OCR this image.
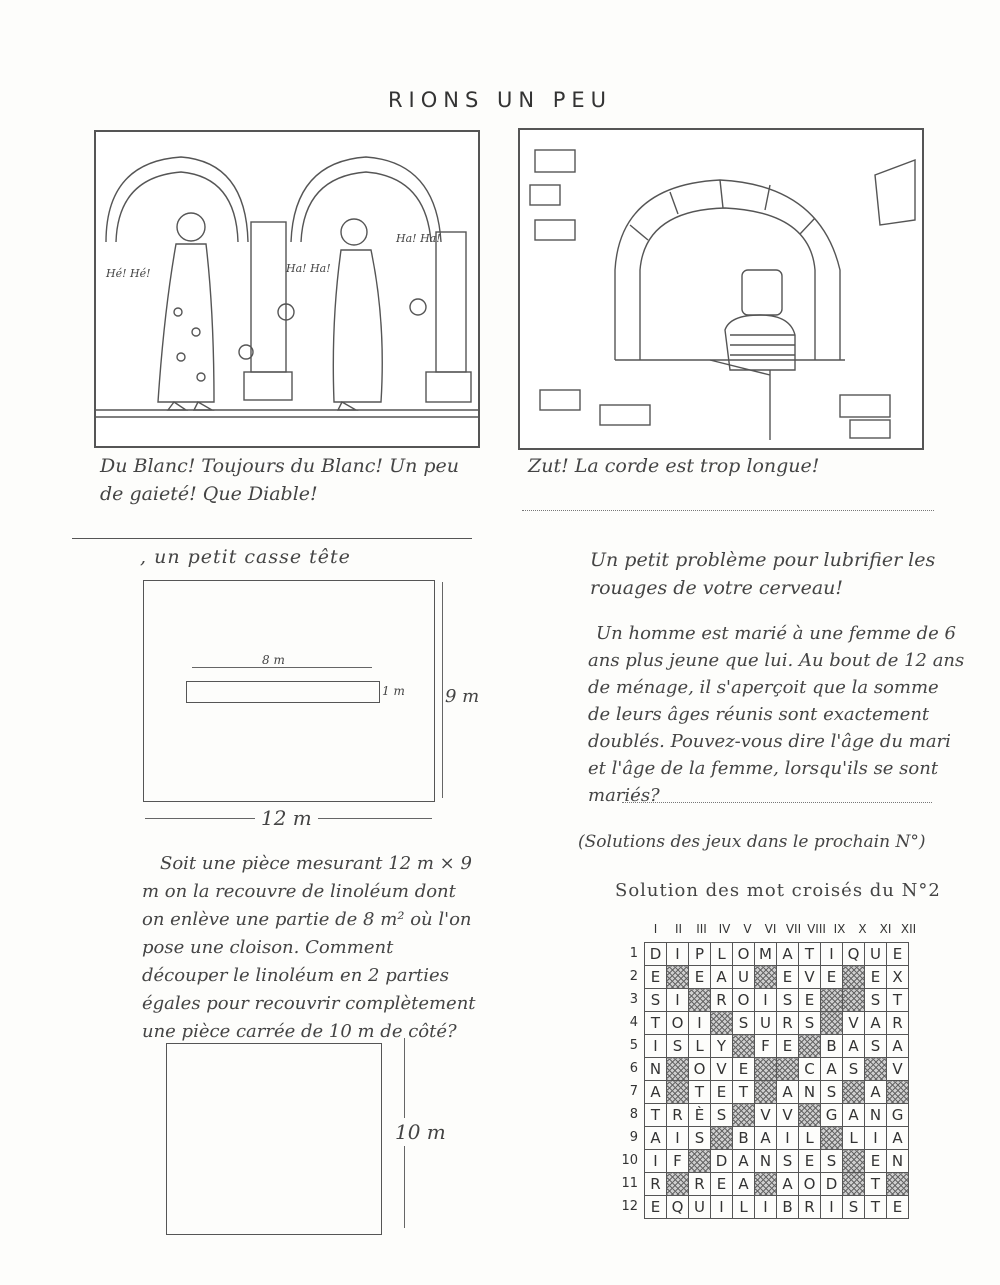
RIONS UN PEU
Hé! Hé!	Ha! Ha!
Ha! Ha!
Du Blanc! Toujours du Blanc! Un peu de gaieté! Que Diable!
Zut! La corde est trop longue!
, un petit casse tête
8 m
1 m 9 m
12 m
Soit une pièce mesurant 12 m × 9 m on la recouvre de linoléum dont on enlève une partie de 8 m² où l'on pose une cloison. Comment découper le linoléum en 2 parties égales pour recouvrir complètement une pièce carrée de 10 m de côté?
10 m
Un petit problème pour lubrifier les rouages de votre cerveau!
Un homme est marié à une femme de 6 ans plus jeune que lui. Au bout de 12 ans de ménage, il s'aperçoit que la somme de leurs âges réunis sont exactement doublés. Pouvez-vous dire l'âge du mari et l'âge de la femme, lorsqu'ils se sont mariés?
(Solutions des jeux dans le prochain N°)
Solution des mot croisés du N°2
I II III IV V VI VII VIII IX X XI XII
1
2
3
4
5
6
7
8
9
10
11
12
D	I	P	L	O	M	A	T	I	Q	U	E
E		E	A	U		E	V	E		E	X
S	I		R	O	I	S	E			S	T
T	O	I		S	U	R	S		V	A	R
I	S	L	Y		F	E		B	A	S	A
N		O	V	E			C	A	S		V
A		T	E	T		A	N	S		A	
T	R	È	S		V	V		G	A	N	G
A	I	S		B	A	I	L		L	I	A
I	F		D	A	N	S	E	S		E	N
R		R	E	A		A	O	D		T	
E	Q	U	I	L	I	B	R	I	S	T	E
